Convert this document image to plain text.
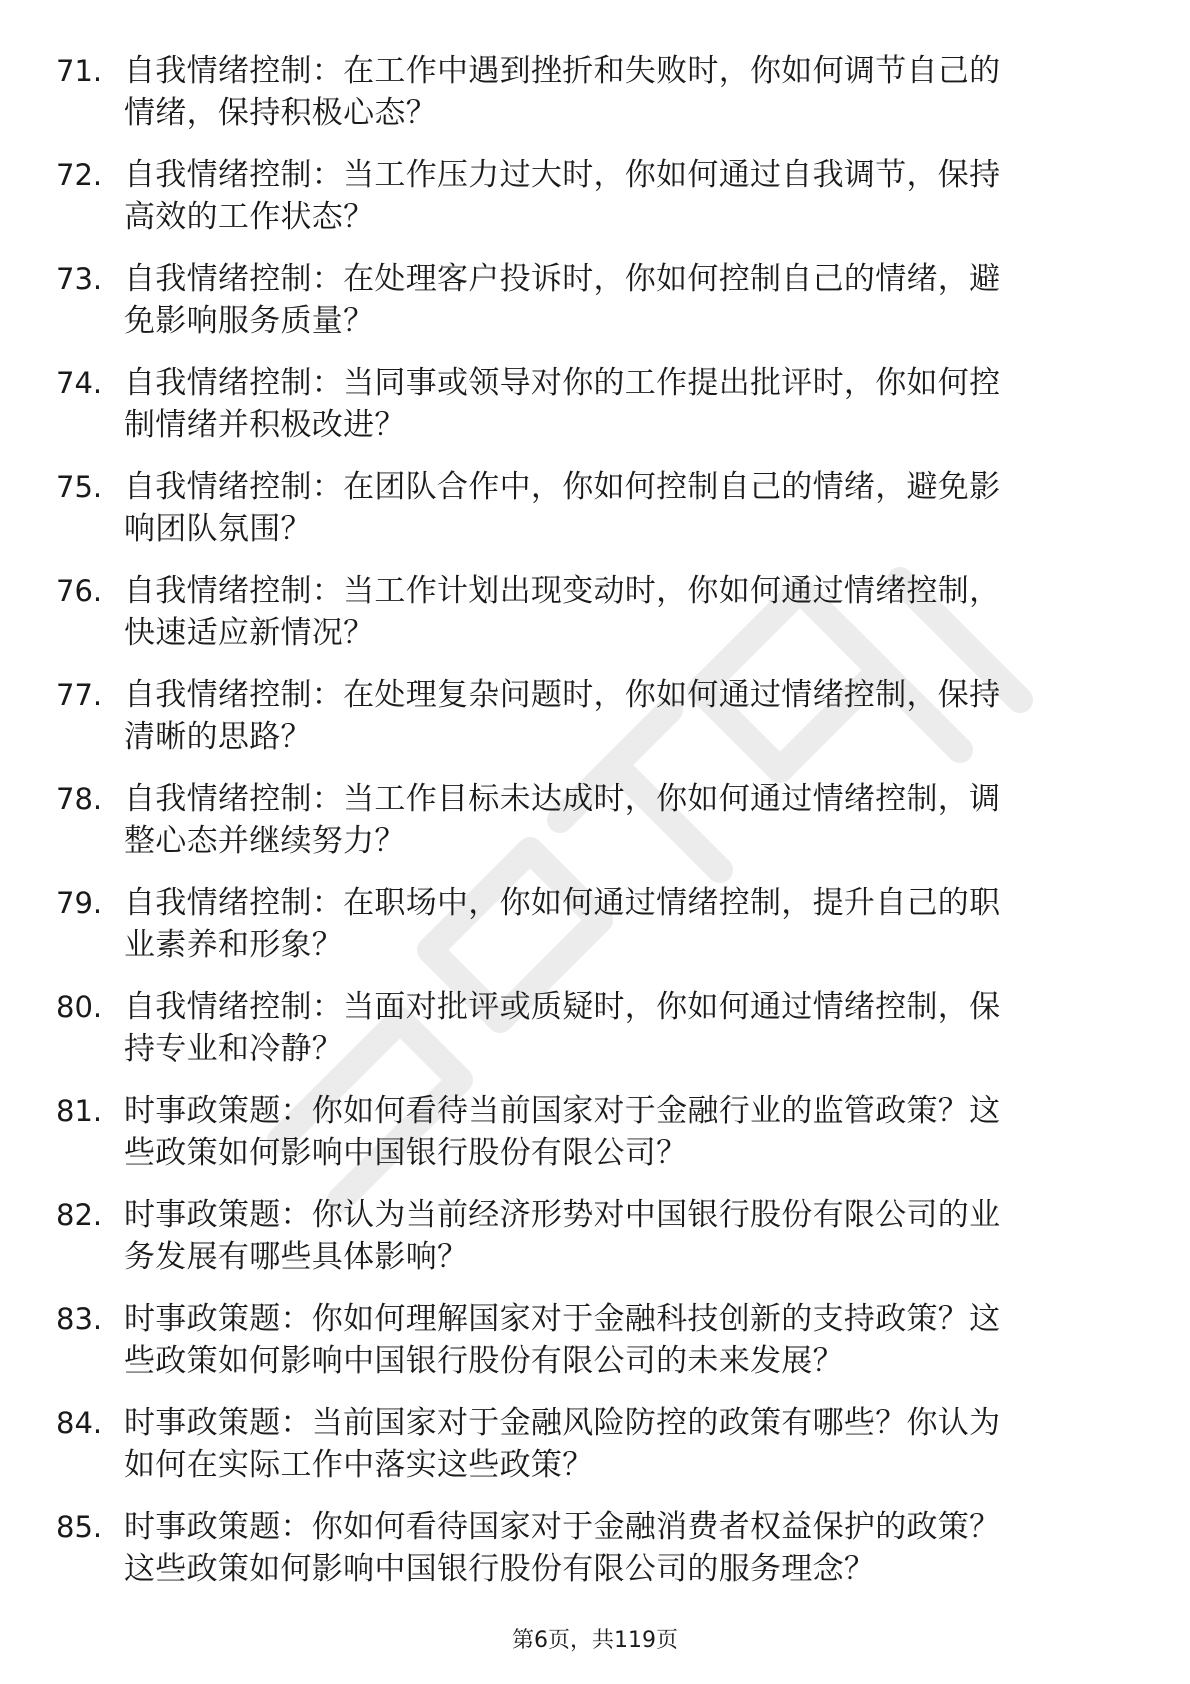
71. 自我情绪控制：在工作中遇到挫折和失败时，你如何调节自己的
情绪，保持积极心态？
72. 自我情绪控制：当工作压力过大时，你如何通过自我调节，保持
高效的工作状态？
73. 自我情绪控制：在处理客户投诉时，你如何控制自己的情绪，避
免影响服务质量？
74. 自我情绪控制：当同事或领导对你的工作提出批评时，你如何控
制情绪并积极改进？
75. 自我情绪控制：在团队合作中，你如何控制自己的情绪，避免影
响团队氛围？
76. 自我情绪控制：当工作计划出现变动时，你如何通过情绪控制，
快速适应新情况？
77. 自我情绪控制：在处理复杂问题时，你如何通过情绪控制，保持
清晰的思路？
78. 自我情绪控制：当工作目标未达成时，你如何通过情绪控制，调
整心态并继续努力？
79. 自我情绪控制：在职场中，你如何通过情绪控制，提升自己的职
业素养和形象？
80. 自我情绪控制：当面对批评或质疑时，你如何通过情绪控制，保
持专业和冷静？
81. 时事政策题：你如何看待当前国家对于金融行业的监管政策？这
些政策如何影响中国银行股份有限公司？
82. 时事政策题：你认为当前经济形势对中国银行股份有限公司的业
务发展有哪些具体影响？
83. 时事政策题：你如何理解国家对于金融科技创新的支持政策？这
些政策如何影响中国银行股份有限公司的未来发展？
84. 时事政策题：当前国家对于金融风险防控的政策有哪些？你认为
如何在实际工作中落实这些政策？
85. 时事政策题：你如何看待国家对于金融消费者权益保护的政策？
这些政策如何影响中国银行股份有限公司的服务理念？
第6页，共119页
